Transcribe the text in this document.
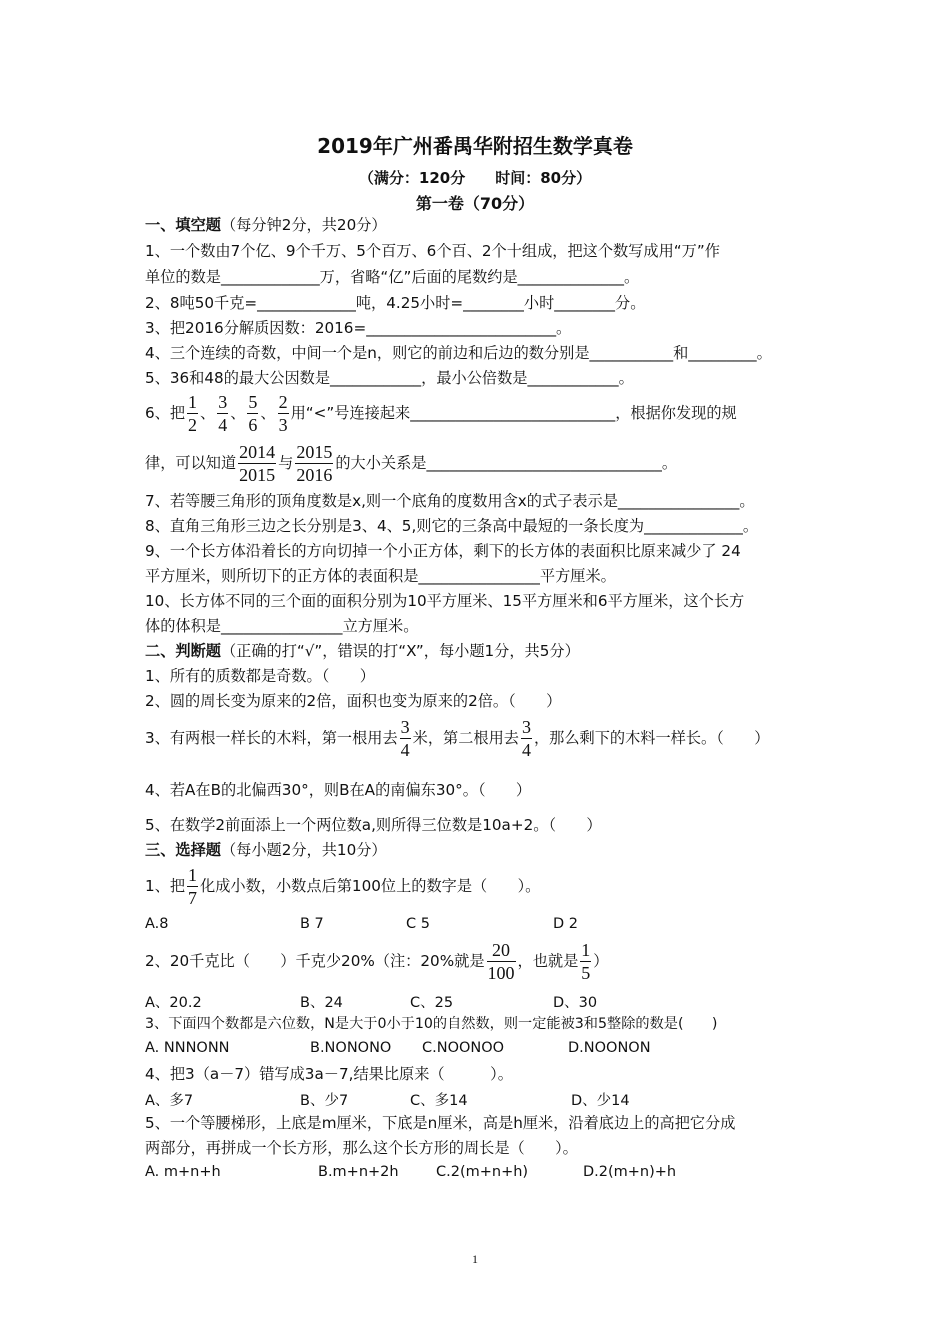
2019年广州番禺华附招生数学真卷
（满分：120分　　时间：80分）
第一卷（70分）
一、填空题（每分钟2分，共20分）
1、一个数由7个亿、9个千万、5个百万、6个百、2个十组成，把这个数写成用“万”作
单位的数是_____________万，省略“亿”后面的尾数约是______________。
2、8吨50千克=_____________吨，4.25小时=________小时________分。
3、把2016分解质因数：2016=_________________________。
4、三个连续的奇数，中间一个是n，则它的前边和后边的数分别是___________和_________。
5、36和48的最大公因数是____________，最小公倍数是____________。
6、把 $\frac{1}{2}$ 、 $\frac{3}{4}$ 、 $\frac{5}{6}$ 、 $\frac{2}{3}$ 用“<”号连接起来___________________________，根据你发现的规
律，可以知道 $\frac{2014}{2015}$ 与 $\frac{2015}{2016}$ 的大小关系是_______________________________。
7、若等腰三角形的顶角度数是x,则一个底角的度数用含x的式子表示是________________。
8、直角三角形三边之长分别是3、4、5,则它的三条高中最短的一条长度为_____________。
9、一个长方体沿着长的方向切掉一个小正方体，剩下的长方体的表面积比原来减少了 24
平方厘米，则所切下的正方体的表面积是________________平方厘米。
10、长方体不同的三个面的面积分别为10平方厘米、15平方厘米和6平方厘米，这个长方
体的体积是________________立方厘米。
二、判断题（正确的打“√”，错误的打“X”，每小题1分，共5分）
1、所有的质数都是奇数。（　　）
2、圆的周长变为原来的2倍，面积也变为原来的2倍。（　　）
3、有两根一样长的木料，第一根用去 $\frac{3}{4}$ 米，第二根用去 $\frac{3}{4}$ ，那么剩下的木料一样长。（　　）
4、若A在B的北偏西30°，则B在A的南偏东30°。（　　）
5、在数学2前面添上一个两位数a,则所得三位数是10a+2。（　　）
三、选择题（每小题2分，共10分）
1、把 $\frac{1}{7}$ 化成小数，小数点后第100位上的数字是（　　）。
A.8	B 7	C 5	D 2
2、20千克比（　　）千克少20%（注：20%就是 $\frac{20}{100}$ ，也就是 $\frac{1}{5}$ ）
A、20.2	B、24	C、25	D、30
3、下面四个数都是六位数，N是大于0小于10的自然数，则一定能被3和5整除的数是(　　)
A. NNNONN	B.NONONO C.NOONOO	D.NOONON
4、把3（a－7）错写成3a－7,结果比原来（　　　）。
A、多7	B、少7	C、多14	D、少14
5、一个等腰梯形，上底是m厘米，下底是n厘米，高是h厘米，沿着底边上的高把它分成
两部分，再拼成一个长方形，那么这个长方形的周长是（　　）。
A. m+n+h	B.m+n+2h	C.2(m+n+h)	D.2(m+n)+h
1
